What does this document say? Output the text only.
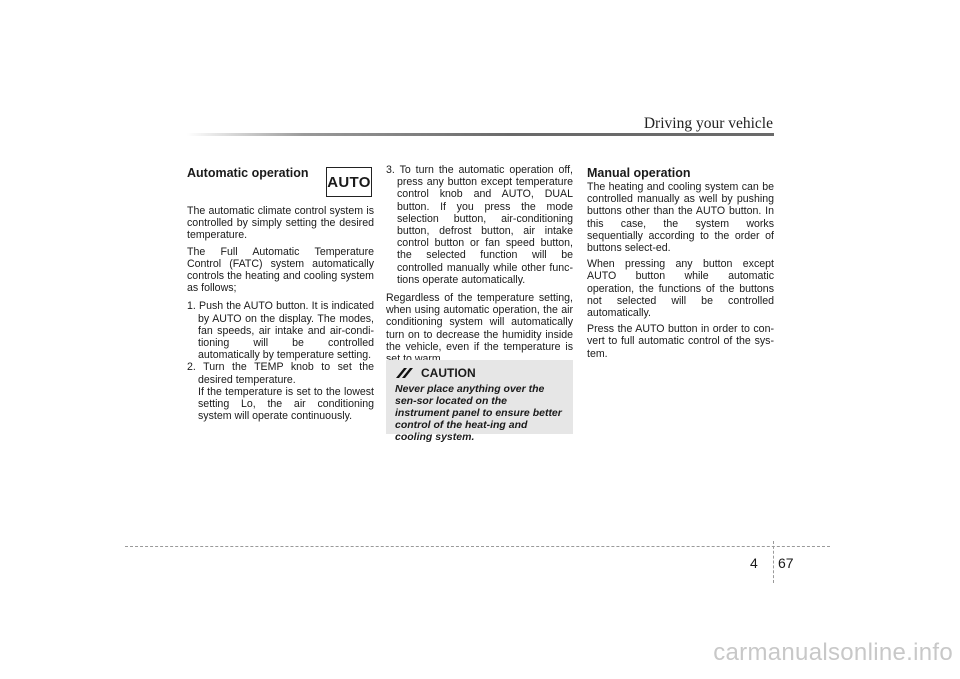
Driving your vehicle
AUTO
Automatic operation

The automatic climate control system is controlled by simply setting the desired temperature.

The Full Automatic Temperature Control (FATC) system automatically controls the heating and cooling system as follows;

1. Push the AUTO button. It is indicated by AUTO on the display. The modes, fan speeds, air intake and air-condi-tioning will be controlled automatically by temperature setting.

2. Turn the TEMP knob to set the desired temperature.

If the temperature is set to the lowest setting Lo, the air conditioning system will operate continuously.

3. To turn the automatic operation off, press any button except temperature control knob and AUTO, DUAL button. If you press the mode selection button, air-conditioning button, defrost button, air intake control button or fan speed button, the selected function will be controlled manually while other func-tions operate automatically.

Regardless of the temperature setting, when using automatic operation, the air conditioning system will automatically turn on to decrease the humidity inside the vehicle, even if the temperature is

CAUTION

Never place anything over the sen-sor located on the instrument panel to ensure better control of the heat-ing and cooling system.

Manual operation

The heating and cooling system can be controlled manually as well by pushing buttons other than the AUTO button. In this case, the system works sequentially according to the order of buttons select-ed.

When pressing any button except AUTO button while automatic operation, the functions of the buttons not selected will be controlled automatically.

Press the AUTO button in order to con-vert to full automatic control of the sys-tem.

4 67
carmanualsonline.info
